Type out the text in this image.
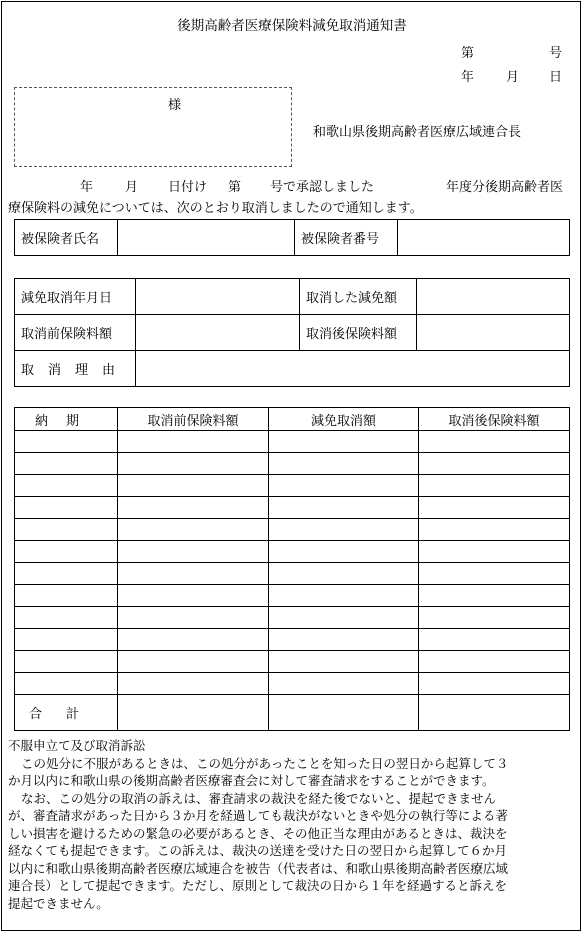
後期高齢者医療保険料減免取消通知書
第	号
年 月 日
様
和歌山県後期高齢者医療広域連合長
年 月 日付け 第 号で承認しました	年度分後期高齢者医
療保険料の減免については、次のとおり取消しましたので通知します。
被保険者氏名		被保険者番号	
減免取消年月日		取消した減免額	
取消前保険料額		取消後保険料額	
取消理由			
納期	取消前保険料額	減免取消額	取消後保険料額

合計			

不服申立て及び取消訴訟

この処分に不服があるときは、この処分があったことを知った日の翌日から起算して３

か月以内に和歌山県の後期高齢者医療審査会に対して審査請求をすることができます。

なお、この処分の取消の訴えは、審査請求の裁決を経た後でないと、提起できません

が、審査請求があった日から３か月を経過しても裁決がないときや処分の執行等による著

しい損害を避けるための緊急の必要があるとき、その他正当な理由があるときは、裁決を

経なくても提起できます。この訴えは、裁決の送達を受けた日の翌日から起算して６か月

以内に和歌山県後期高齢者医療広域連合を被告（代表者は、和歌山県後期高齢者医療広域

連合長）として提起できます。ただし、原則として裁決の日から１年を経過すると訴えを

提起できません。
